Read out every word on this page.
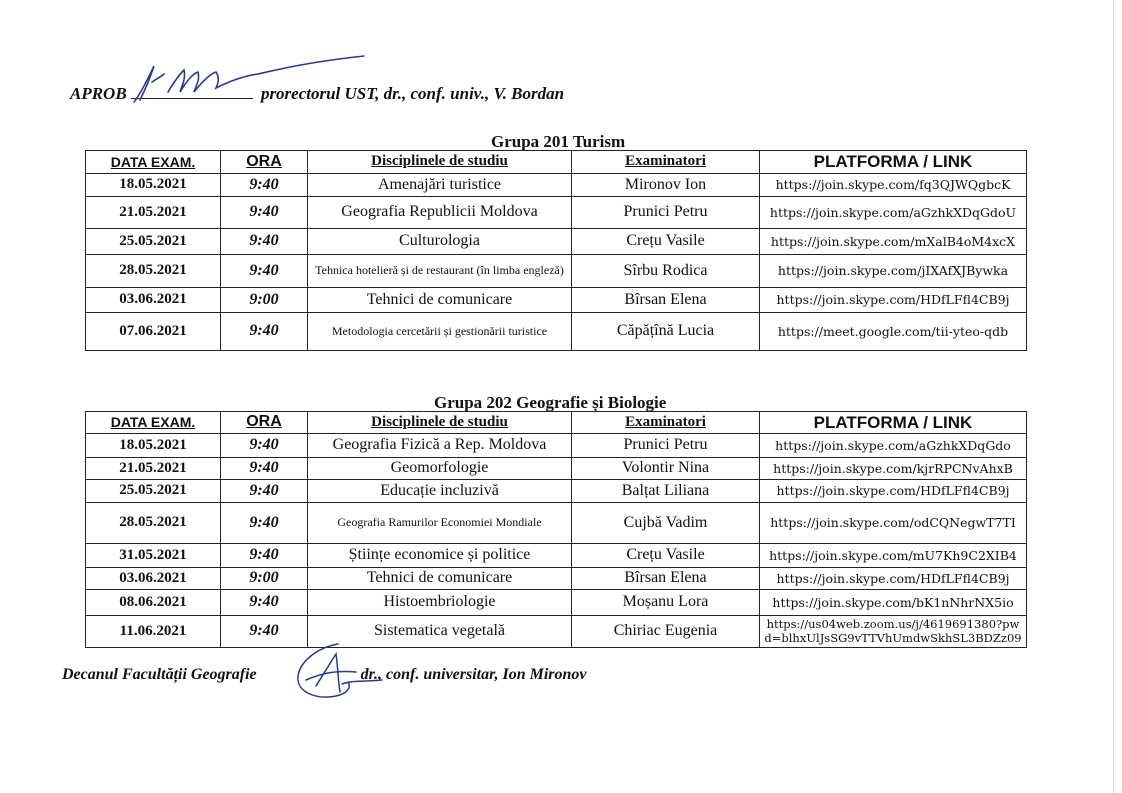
APROB	prorectorul UST, dr., conf. univ., V. Bordan
Grupa 201 Turism
DATA EXAM.	ORA	Disciplinele de studiu	Examinatori	PLATFORMA / LINK
18.05.2021	9:40	Amenajări turistice	Mironov Ion	https://join.skype.com/fq3QJWQgbcK
21.05.2021	9:40	Geografia Republicii Moldova	Prunici Petru	https://join.skype.com/aGzhkXDqGdoU
25.05.2021	9:40	Culturologia	Crețu Vasile	https://join.skype.com/mXalB4oM4xcX
28.05.2021	9:40	Tehnica hotelieră și de restaurant (în limba engleză)	Sîrbu Rodica	https://join.skype.com/jIXAfXJBywka
03.06.2021	9:00	Tehnici de comunicare	Bîrsan Elena	https://join.skype.com/HDfLFfl4CB9j
07.06.2021	9:40	Metodologia cercetării și gestionării turistice	Căpățînă Lucia	https://meet.google.com/tii-yteo-qdb
Grupa 202 Geografie și Biologie
DATA EXAM.	ORA	Disciplinele de studiu	Examinatori	PLATFORMA / LINK
18.05.2021	9:40	Geografia Fizică a Rep. Moldova	Prunici Petru	https://join.skype.com/aGzhkXDqGdo
21.05.2021	9:40	Geomorfologie	Volontir Nina	https://join.skype.com/kjrRPCNvAhxB
25.05.2021	9:40	Educație incluzivă	Balțat Liliana	https://join.skype.com/HDfLFfl4CB9j
28.05.2021	9:40	Geografia Ramurilor Economiei Mondiale	Cujbă Vadim	https://join.skype.com/odCQNegwT7TI
31.05.2021	9:40	Științe economice și politice	Crețu Vasile	https://join.skype.com/mU7Kh9C2XIB4
03.06.2021	9:00	Tehnici de comunicare	Bîrsan Elena	https://join.skype.com/HDfLFfl4CB9j
08.06.2021	9:40	Histoembriologie	Moșanu Lora	https://join.skype.com/bK1nNhrNX5io
11.06.2021	9:40	Sistematica vegetală	Chiriac Eugenia	https://us04web.zoom.us/j/4619691380?pwd=blhxUlJsSG9vTTVhUmdwSkhSL3BDZz09
Decanul Facultății Geografie	dr., conf. universitar, Ion Mironov
